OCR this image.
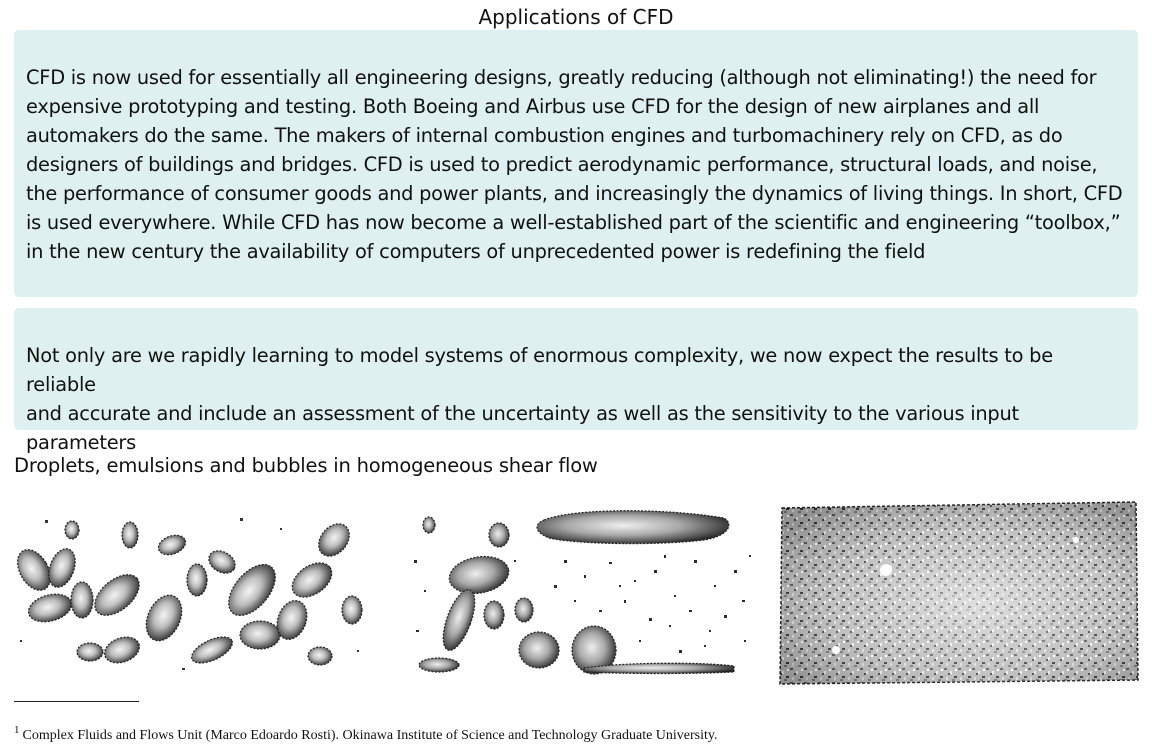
Applications of CFD
CFD is now used for essentially all engineering designs, greatly reducing (although not eliminating!) the need for
expensive prototyping and testing. Both Boeing and Airbus use CFD for the design of new airplanes and all
automakers do the same. The makers of internal combustion engines and turbomachinery rely on CFD, as do
designers of buildings and bridges. CFD is used to predict aerodynamic performance, structural loads, and noise,
the performance of consumer goods and power plants, and increasingly the dynamics of living things. In short, CFD
is used everywhere. While CFD has now become a well-established part of the scientific and engineering “toolbox,”
in the new century the availability of computers of unprecedented power is redefining the field
Not only are we rapidly learning to model systems of enormous complexity, we now expect the results to be reliable
and accurate and include an assessment of the uncertainty as well as the sensitivity to the various input parameters
Droplets, emulsions and bubbles in homogeneous shear flow
$^1$ Complex Fluids and Flows Unit (Marco Edoardo Rosti). Okinawa Institute of Science and Technology Graduate University.
